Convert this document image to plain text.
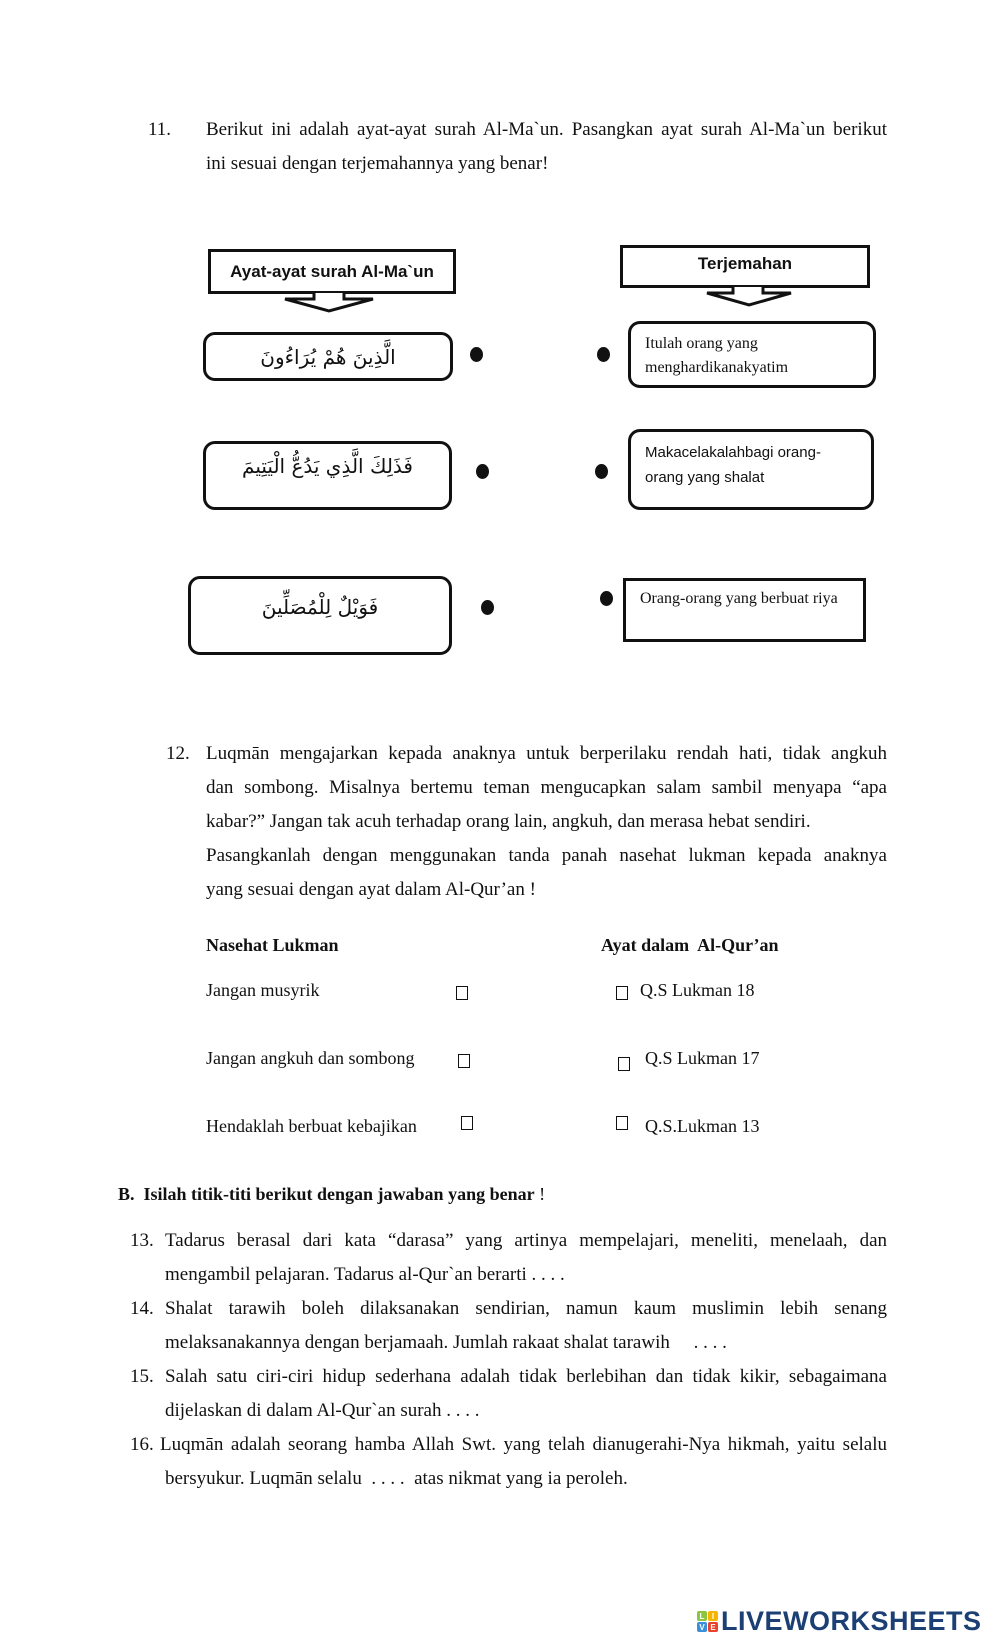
11. Berikut ini adalah ayat-ayat surah Al-Ma`un. Pasangkan ayat surah Al-Ma`un berikut
ini sesuai dengan terjemahannya yang benar!
Ayat-ayat surah Al-Ma`un	Terjemahan
الَّذِينَ هُمْ يُرَاءُونَ
فَذَلِكَ الَّذِي يَدُعُّ الْيَتِيمَ
فَوَيْلٌ لِلْمُصَلِّينَ
Itulah orang yang
menghardikanakyatim
Makacelakalahbagi orang-
orang yang shalat
Orang-orang yang berbuat riya
12. Luqmān mengajarkan kepada anaknya untuk berperilaku rendah hati, tidak angkuh
dan sombong. Misalnya bertemu teman mengucapkan salam sambil menyapa “apa
kabar?” Jangan tak acuh terhadap orang lain, angkuh, dan merasa hebat sendiri.
Pasangkanlah dengan menggunakan tanda panah nasehat lukman kepada anaknya
yang sesuai dengan ayat dalam Al-Qur’an !
Nasehat Lukman	Ayat dalam  Al-Qur’an
Jangan musyrik
Jangan angkuh dan sombong
Hendaklah berbuat kebajikan
Q.S Lukman 18
Q.S Lukman 17
Q.S.Lukman 13
B. Isilah titik-titi berikut dengan jawaban yang benar !
13. Tadarus berasal dari kata “darasa” yang artinya mempelajari, meneliti, menelaah, dan
mengambil pelajaran. Tadarus al-Qur`an berarti . . . .
14. Shalat tarawih boleh dilaksanakan sendirian, namun kaum muslimin lebih senang
melaksanakannya dengan berjamaah. Jumlah rakaat shalat tarawih     . . . .
15. Salah satu ciri-ciri hidup sederhana adalah tidak berlebihan dan tidak kikir, sebagaimana
dijelaskan di dalam Al-Qur`an surah . . . .
16. Luqmān adalah seorang hamba Allah Swt. yang telah dianugerahi-Nya hikmah, yaitu selalu
bersyukur. Luqmān selalu  . . . .  atas nikmat yang ia peroleh.
L I
V E LIVEWORKSHEETS
